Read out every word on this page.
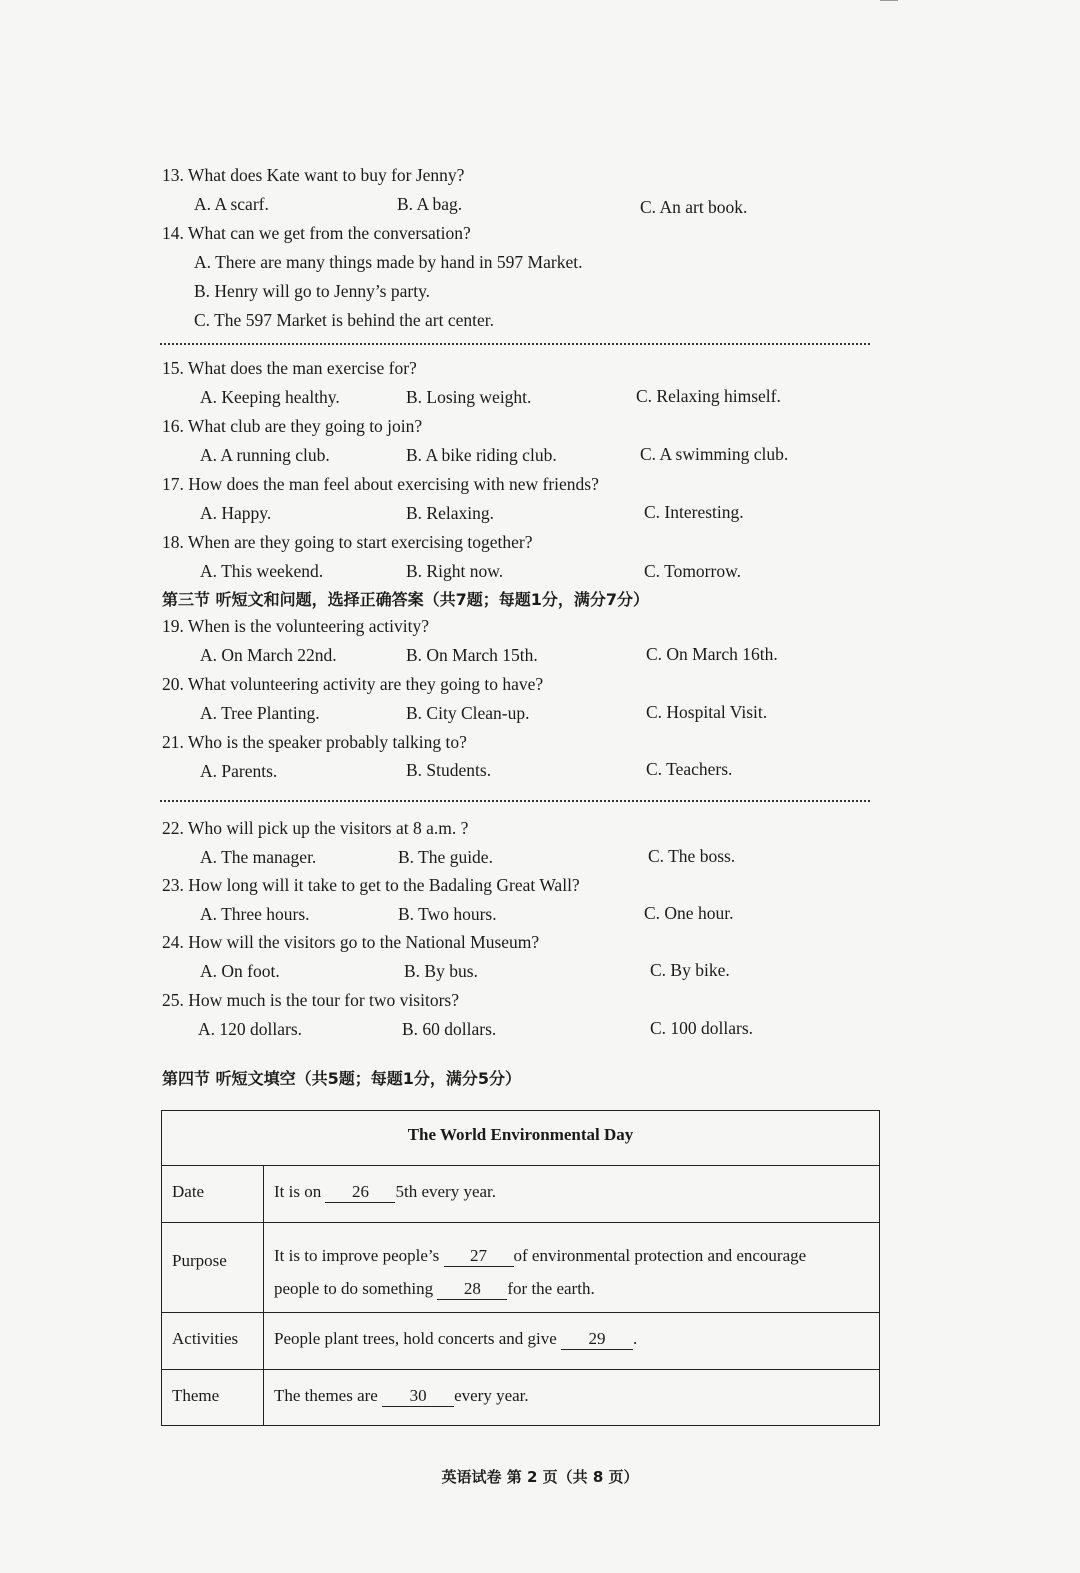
13. What does Kate want to buy for Jenny?
A. A scarf.	B. A bag.	C. An art book.
14. What can we get from the conversation?
A. There are many things made by hand in 597 Market.
B. Henry will go to Jenny’s party.
C. The 597 Market is behind the art center.
15. What does the man exercise for?
A. Keeping healthy.	B. Losing weight.	C. Relaxing himself.
16. What club are they going to join?
A. A running club.	B. A bike riding club.	C. A swimming club.
17. How does the man feel about exercising with new friends?
A. Happy.	B. Relaxing.	C. Interesting.
18. When are they going to start exercising together?
A. This weekend.	B. Right now.	C. Tomorrow.
第三节 听短文和问题，选择正确答案（共7题；每题1分，满分7分）
19. When is the volunteering activity?
A. On March 22nd.	B. On March 15th.	C. On March 16th.
20. What volunteering activity are they going to have?
A. Tree Planting.	B. City Clean-up.	C. Hospital Visit.
21. Who is the speaker probably talking to?
A. Parents.	B. Students.	C. Teachers.
22. Who will pick up the visitors at 8 a.m. ?
A. The manager.	B. The guide.	C. The boss.
23. How long will it take to get to the Badaling Great Wall?
A. Three hours.	B. Two hours.	C. One hour.
24. How will the visitors go to the National Museum?
A. On foot.	B. By bus.	C. By bike.
25. How much is the tour for two visitors?
A. 120 dollars.	B. 60 dollars.	C. 100 dollars.
第四节 听短文填空（共5题；每题1分，满分5分）
The World Environmental Day	
Date	It is on 26 5th every year.
Purpose	It is to improve people’s 27 of environmental protection and encourage
people to do something 28 for the earth.

Activities	People plant trees, hold concerts and give 29 .
Theme	The themes are 30 every year.
英语试卷 第 2 页（共 8 页）
